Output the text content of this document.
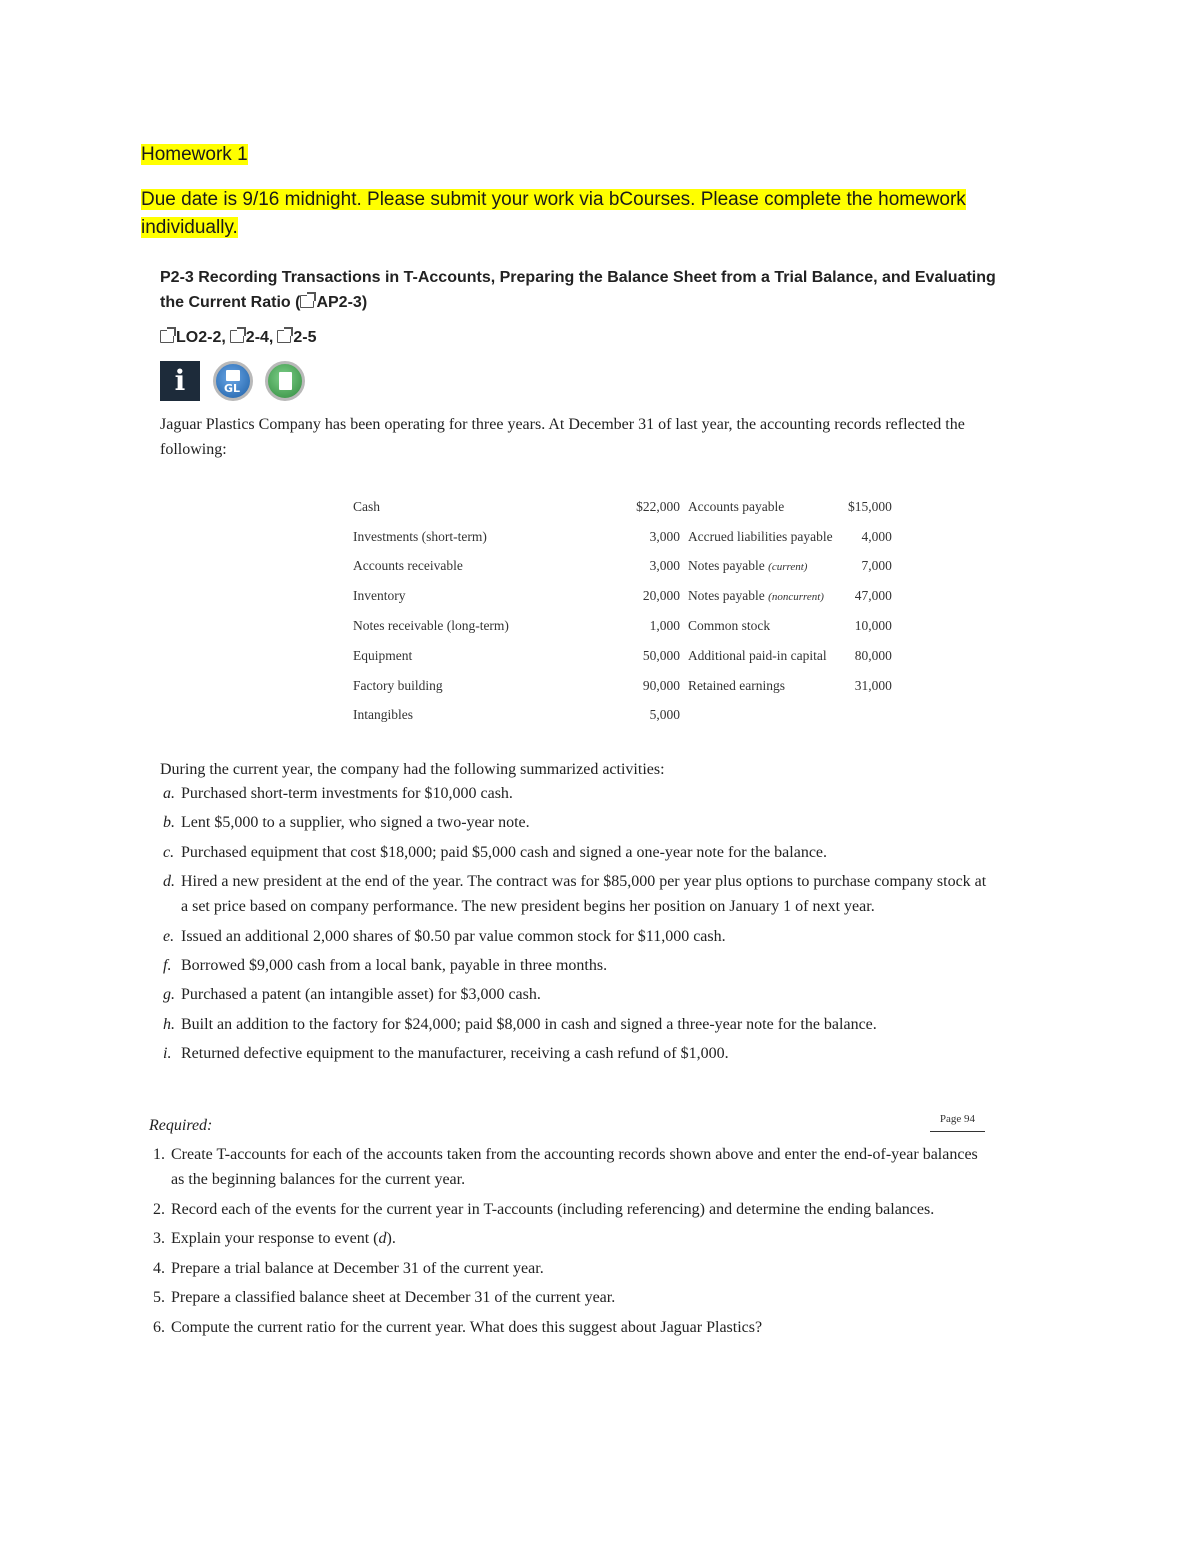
Homework 1
Due date is 9/16 midnight. Please submit your work via bCourses. Please complete the homework individually.
P2-3 Recording Transactions in T-Accounts, Preparing the Balance Sheet from a Trial Balance, and Evaluating the Current Ratio ( AP2-3)
LO2-2, 2-4, 2-5
i
GL
Jaguar Plastics Company has been operating for three years. At December 31 of last year, the accounting records reflected the following:
Cash	$22,000	Accounts payable	$15,000
Investments (short-term)	3,000	Accrued liabilities payable	4,000
Accounts receivable	3,000	Notes payable (current)	7,000
Inventory	20,000	Notes payable (noncurrent)	47,000
Notes receivable (long-term)	1,000	Common stock	10,000
Equipment	50,000	Additional paid-in capital	80,000
Factory building	90,000	Retained earnings	31,000
Intangibles	5,000		
During the current year, the company had the following summarized activities:
a. Purchased short-term investments for $10,000 cash.
b. Lent $5,000 to a supplier, who signed a two-year note.
c. Purchased equipment that cost $18,000; paid $5,000 cash and signed a one-year note for the balance.
d. Hired a new president at the end of the year. The contract was for $85,000 per year plus options to purchase company stock at a set price based on company performance. The new president begins her position on January 1 of next year.
e. Issued an additional 2,000 shares of $0.50 par value common stock for $11,000 cash.
f. Borrowed $9,000 cash from a local bank, payable in three months.
g. Purchased a patent (an intangible asset) for $3,000 cash.
h. Built an addition to the factory for $24,000; paid $8,000 in cash and signed a three-year note for the balance.
i. Returned defective equipment to the manufacturer, receiving a cash refund of $1,000.
Required:	Page 94
1. Create T-accounts for each of the accounts taken from the accounting records shown above and enter the end-of-year balances as the beginning balances for the current year.
2. Record each of the events for the current year in T-accounts (including referencing) and determine the ending balances.
3. Explain your response to event (d).
4. Prepare a trial balance at December 31 of the current year.
5. Prepare a classified balance sheet at December 31 of the current year.
6. Compute the current ratio for the current year. What does this suggest about Jaguar Plastics?
